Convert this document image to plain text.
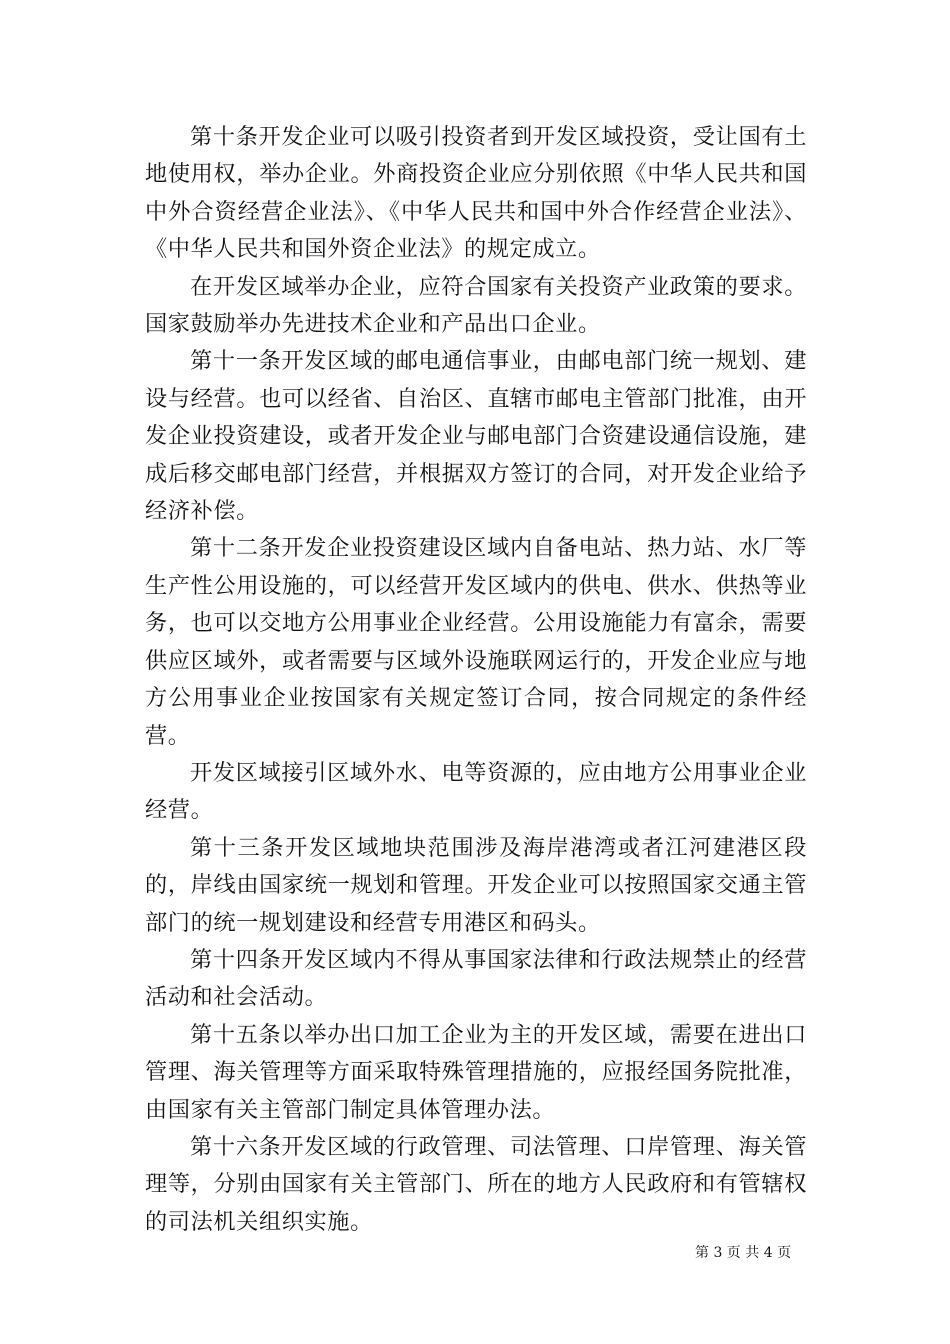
第十条开发企业可以吸引投资者到开发区域投资，受让国有土地使用权，举办企业。外商投资企业应分别依照《中华人民共和国中外合资经营企业法》、《中华人民共和国中外合作经营企业法》、《中华人民共和国外资企业法》的规定成立。

在开发区域举办企业，应符合国家有关投资产业政策的要求。国家鼓励举办先进技术企业和产品出口企业。

第十一条开发区域的邮电通信事业，由邮电部门统一规划、建设与经营。也可以经省、自治区、直辖市邮电主管部门批准，由开发企业投资建设，或者开发企业与邮电部门合资建设通信设施，建成后移交邮电部门经营，并根据双方签订的合同，对开发企业给予经济补偿。

第十二条开发企业投资建设区域内自备电站、热力站、水厂等生产性公用设施的，可以经营开发区域内的供电、供水、供热等业务，也可以交地方公用事业企业经营。公用设施能力有富余，需要供应区域外，或者需要与区域外设施联网运行的，开发企业应与地方公用事业企业按国家有关规定签订合同，按合同规定的条件经营。

开发区域接引区域外水、电等资源的，应由地方公用事业企业经营。

第十三条开发区域地块范围涉及海岸港湾或者江河建港区段的，岸线由国家统一规划和管理。开发企业可以按照国家交通主管部门的统一规划建设和经营专用港区和码头。

第十四条开发区域内不得从事国家法律和行政法规禁止的经营活动和社会活动。

第十五条以举办出口加工企业为主的开发区域，需要在进出口管理、海关管理等方面采取特殊管理措施的，应报经国务院批准，由国家有关主管部门制定具体管理办法。

第十六条开发区域的行政管理、司法管理、口岸管理、海关管理等，分别由国家有关主管部门、所在的地方人民政府和有管辖权的司法机关组织实施。

第 3 页 共 4 页
